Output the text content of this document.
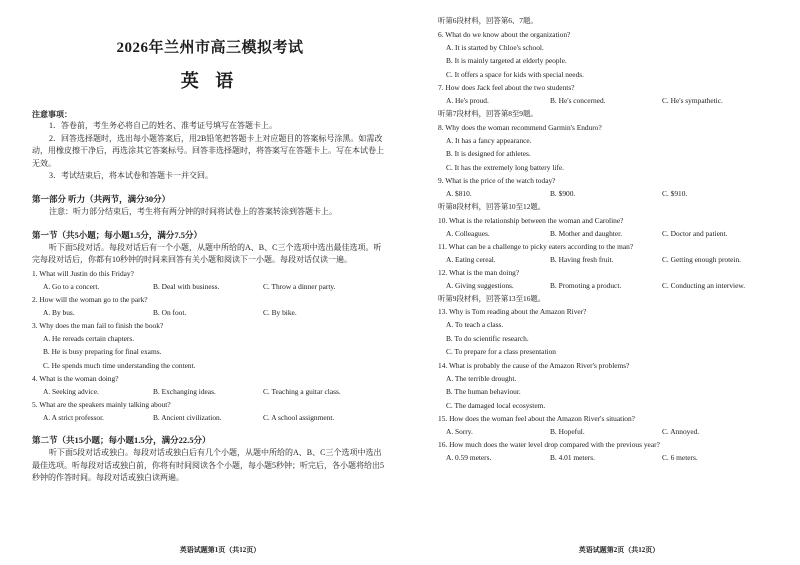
2026年兰州市高三模拟考试
英 语
注意事项：

1．答卷前，考生务必将自己的姓名、准考证号填写在答题卡上。

2．回答选择题时，选出每小题答案后，用2B铅笔把答题卡上对应题目的答案标号涂黑。如需改动，用橡皮擦干净后，再选涂其它答案标号。回答非选择题时，将答案写在答题卡上。写在本试卷上无效。

3．考试结束后，将本试卷和答题卡一并交回。

第一部分 听力（共两节，满分30分）

注意：听力部分结束后，考生将有两分钟的时间将试卷上的答案转涂到答题卡上。

第一节（共5小题；每小题1.5分，满分7.5分）

听下面5段对话。每段对话后有一个小题，从题中所给的A、B、C三个选项中选出最佳选项。听完每段对话后，你都有10秒钟的时间来回答有关小题和阅读下一小题。每段对话仅读一遍。

1. What will Justin do this Friday?

A. Go to a concert.	B. Deal with business.	C. Throw a dinner party.

2. How will the woman go to the park?

A. By bus.	B. On foot.	C. By bike.

3. Why does the man fail to finish the book?

A. He rereads certain chapters.
B. He is busy preparing for final exams.
C. He spends much time understanding the content.

4. What is the woman doing?

A. Seeking advice.	B. Exchanging ideas.	C. Teaching a guitar class.

5. What are the speakers mainly talking about?

A. A strict professor.	B. Ancient civilization.	C. A school assignment.
第二节（共15小题；每小题1.5分，满分22.5分）

听下面5段对话或独白。每段对话或独白后有几个小题，从题中所给的A、B、C三个选项中选出最佳选项。听每段对话或独白前，你将有时间阅读各个小题，每小题5秒钟；听完后，各小题将给出5秒钟的作答时间。每段对话或独白读两遍。

英语试题第1页（共12页）

听第6段材料，回答第6、7题。

6. What do we know about the organization?

A. It is started by Chloe's school.
B. It is mainly targeted at elderly people.
C. It offers a space for kids with special needs.

7. How does Jack feel about the two students?

A. He's proud.	B. He's concerned.	C. He's sympathetic.

听第7段材料，回答第8至9题。

8. Why does the woman recommend Garmin's Enduro?

A. It has a fancy appearance.
B. It is designed for athletes.
C. It has the extremely long battery life.

9. What is the price of the watch today?

A. $810.	B. $900.	C. $910.

听第8段材料，回答第10至12题。

10. What is the relationship between the woman and Caroline?

A. Colleagues.	B. Mother and daughter.	C. Doctor and patient.

11. What can be a challenge to picky eaters according to the man?

A. Eating cereal.	B. Having fresh fruit.	C. Getting enough protein.

12. What is the man doing?

A. Giving suggestions.	B. Promoting a product.	C. Conducting an interview.

听第9段材料，回答第13至16题。

13. Why is Tom reading about the Amazon River?

A. To teach a class.
B. To do scientific research.
C. To prepare for a class presentation

14. What is probably the cause of the Amazon River's problems?

A. The terrible drought.
B. The human behaviour.
C. The damaged local ecosystem.

15. How does the woman feel about the Amazon River's situation?

A. Sorry.	B. Hopeful.	C. Annoyed.

16. How much does the water level drop compared with the previous year?

A. 0.59 meters.	B. 4.01 meters.	C. 6 meters.
英语试题第2页（共12页）
